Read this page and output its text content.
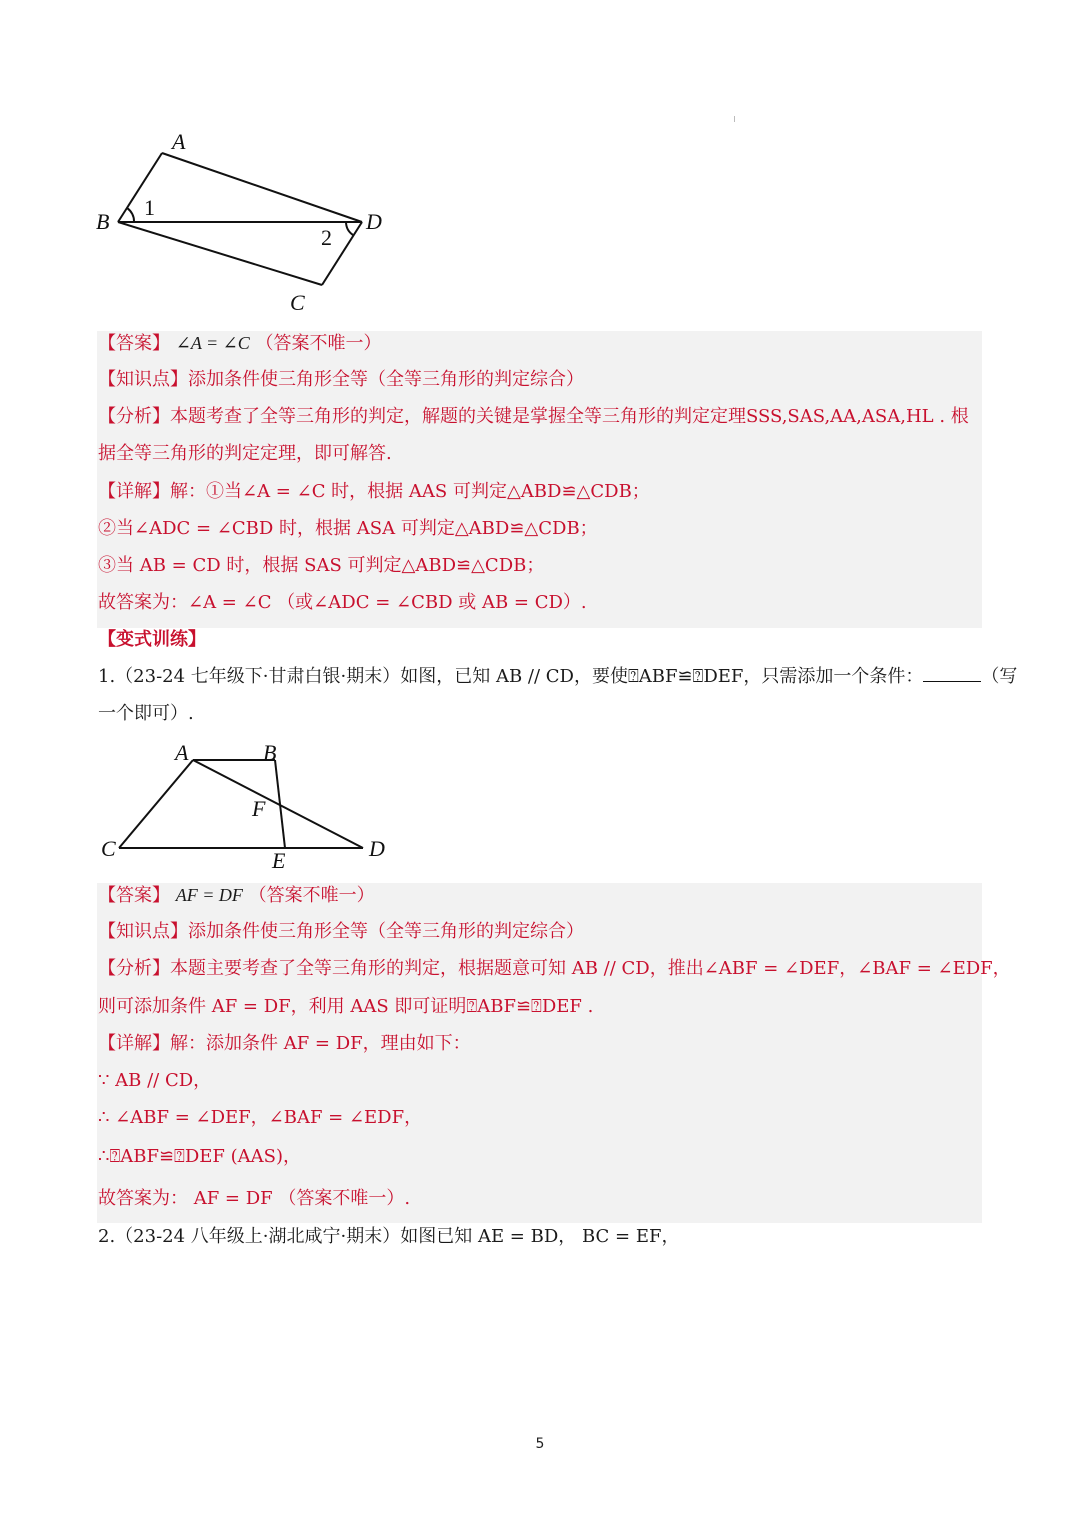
A
B
C
D
1
2
【答案】 ∠A = ∠C （答案不唯一）
【知识点】添加条件使三角形全等（全等三角形的判定综合）
【分析】本题考查了全等三角形的判定，解题的关键是掌握全等三角形的判定定理SSS,SAS,AA,ASA,HL . 根
据全等三角形的判定定理，即可解答.
【详解】解：①当∠A = ∠C 时，根据 AAS 可判定△ABD≌△CDB；
②当∠ADC = ∠CBD 时，根据 ASA 可判定△ABD≌△CDB；
③当 AB = CD 时，根据 SAS 可判定△ABD≌△CDB；
故答案为：∠A = ∠C （或∠ADC = ∠CBD 或 AB = CD）.
【变式训练】
1.（23-24 七年级下·甘肃白银·期末）如图，已知 AB // CD，要使⍰ABF≌⍰DEF，只需添加一个条件：	（写
一个即可）.
A	B
C	D
E
F
【答案】 AF = DF （答案不唯一）
【知识点】添加条件使三角形全等（全等三角形的判定综合）
【分析】本题主要考查了全等三角形的判定，根据题意可知 AB // CD，推出∠ABF = ∠DEF，∠BAF = ∠EDF，
则可添加条件 AF = DF，利用 AAS 即可证明⍰ABF≌⍰DEF .
【详解】解：添加条件 AF = DF，理由如下：
∵ AB // CD，
∴ ∠ABF = ∠DEF，∠BAF = ∠EDF，
∴⍰ABF≌⍰DEF (AAS)，
故答案为： AF = DF （答案不唯一）.
2.（23-24 八年级上·湖北咸宁·期末）如图已知 AE = BD， BC = EF，
5
